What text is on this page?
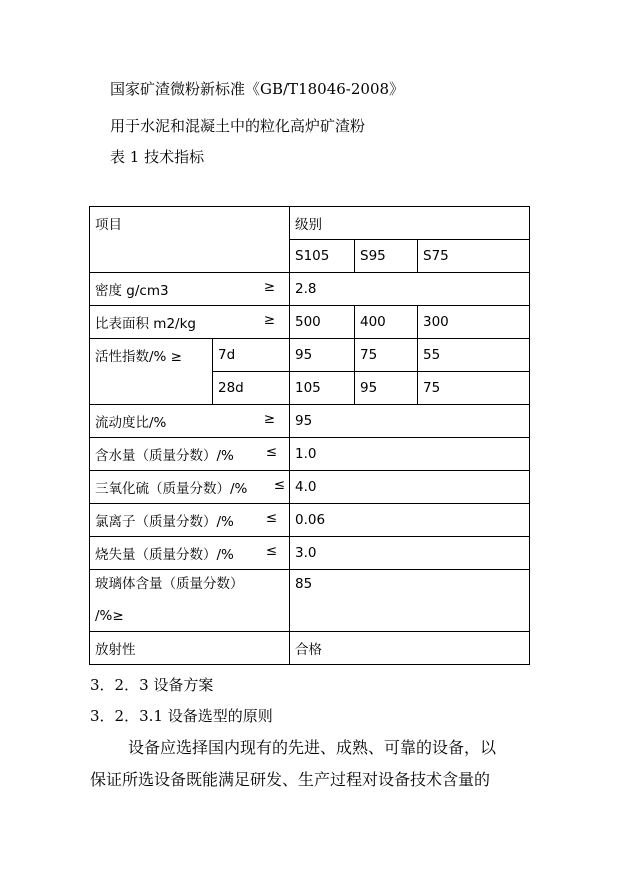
国家矿渣微粉新标准《GB/T18046-2008》
用于水泥和混凝土中的粒化高炉矿渣粉
表 1 技术指标
项目		级别		
		S105	S95	S75

密度 g/cm3 ≥		2.8		

比表面积 m2/kg ≥		500	400	300
活性指数/% ≥	7d	95	75	55
	28d	105	95	75

流动度比/% ≥		95		

含水量（质量分数）/% ≤		1.0		

三氧化硫（质量分数）/% ≤		4.0		

氯离子（质量分数）/% ≤		0.06		

烧失量（质量分数）/% ≤		3.0		

玻璃体含量（质量分数）
/%≥		85		
放射性		合格		
3．2．3 设备方案
3．2．3.1 设备选型的原则
设备应选择国内现有的先进、成熟、可靠的设备，以
保证所选设备既能满足研发、生产过程对设备技术含量的
